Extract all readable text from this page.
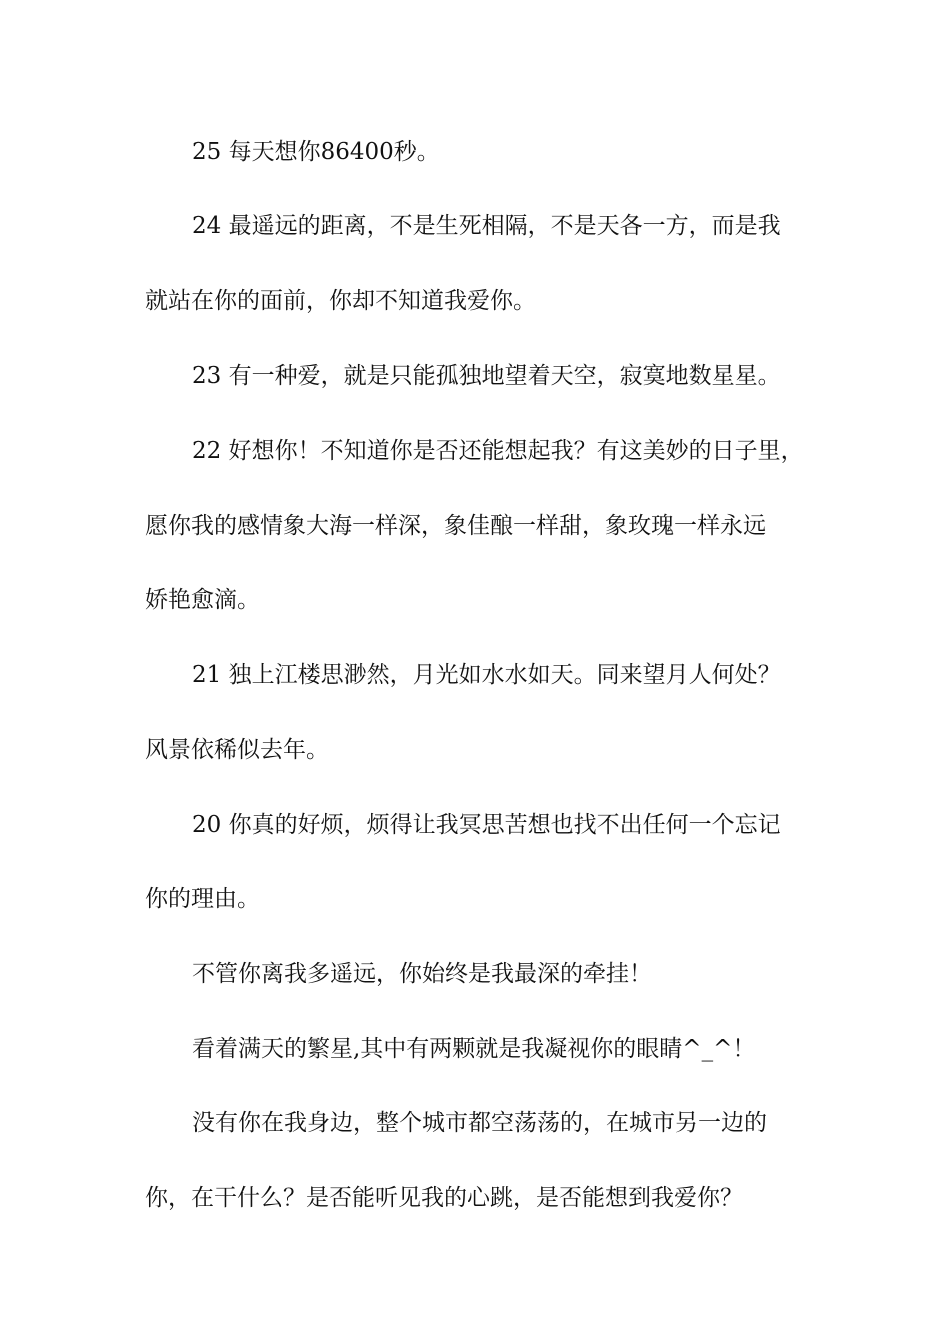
25 每天想你86400秒。
24 最遥远的距离，不是生死相隔，不是天各一方，而是我
就站在你的面前，你却不知道我爱你。
23 有一种爱，就是只能孤独地望着天空，寂寞地数星星。
22 好想你！不知道你是否还能想起我？有这美妙的日子里，
愿你我的感情象大海一样深，象佳酿一样甜，象玫瑰一样永远
娇艳愈滴。
21 独上江楼思渺然，月光如水水如天。同来望月人何处？
风景依稀似去年。
20 你真的好烦，烦得让我冥思苦想也找不出任何一个忘记
你的理由。
不管你离我多遥远，你始终是我最深的牵挂！
看着满天的繁星,其中有两颗就是我凝视你的眼睛^_^！
没有你在我身边，整个城市都空荡荡的，在城市另一边的
你，在干什么？是否能听见我的心跳，是否能想到我爱你？
